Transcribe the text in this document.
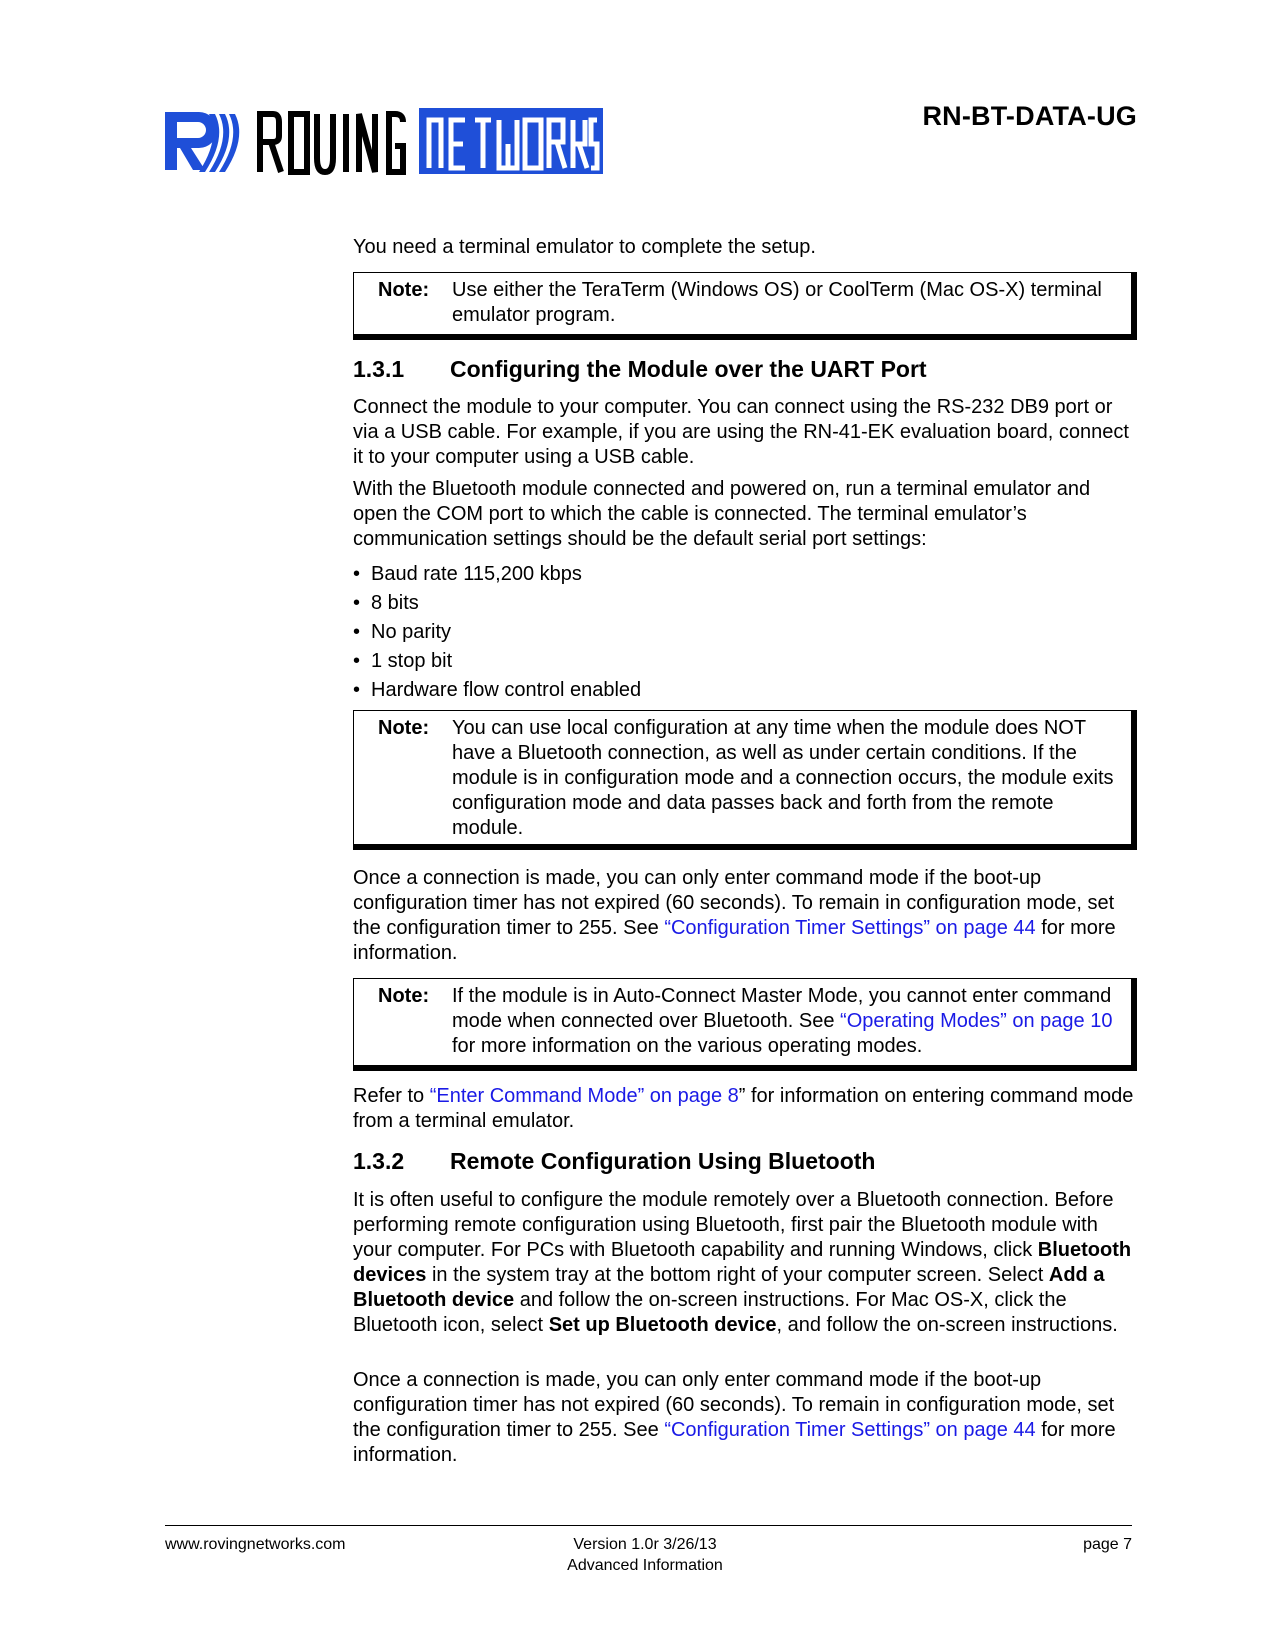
RN-BT-DATA-UG

You need a terminal emulator to complete the setup.

Note: Use either the TeraTerm (Windows OS) or CoolTerm (Mac OS-X) terminal emulator program.
1.3.1 Configuring the Module over the UART Port

Connect the module to your computer. You can connect using the RS-232 DB9 port or via a USB cable. For example, if you are using the RN-41-EK evaluation board, connect it to your computer using a USB cable.

With the Bluetooth module connected and powered on, run a terminal emulator and open the COM port to which the cable is connected. The terminal emulator’s communication settings should be the default serial port settings:

• Baud rate 115,200 kbps
• 8 bits
• No parity
• 1 stop bit
• Hardware flow control enabled
Note: You can use local configuration at any time when the module does NOT have a Bluetooth connection, as well as under certain conditions. If the module is in configuration mode and a connection occurs, the module exits configuration mode and data passes back and forth from the remote module.

Once a connection is made, you can only enter command mode if the boot-up configuration timer has not expired (60 seconds). To remain in configuration mode, set the configuration timer to 255. See “Configuration Timer Settings” on page 44 for more information.

Note: If the module is in Auto-Connect Master Mode, you cannot enter command mode when connected over Bluetooth. See “Operating Modes” on page 10 for more information on the various operating modes.

Refer to “Enter Command Mode” on page 8” for information on entering command mode from a terminal emulator.

1.3.2 Remote Configuration Using Bluetooth

It is often useful to configure the module remotely over a Bluetooth connection. Before performing remote configuration using Bluetooth, first pair the Bluetooth module with your computer. For PCs with Bluetooth capability and running Windows, click Bluetooth devices in the system tray at the bottom right of your computer screen. Select Add a Bluetooth device and follow the on-screen instructions. For Mac OS-X, click the Bluetooth icon, select Set up Bluetooth device, and follow the on-screen instructions.

Once a connection is made, you can only enter command mode if the boot-up configuration timer has not expired (60 seconds). To remain in configuration mode, set the configuration timer to 255. See “Configuration Timer Settings” on page 44 for more information.

www.rovingnetworks.com	Version 1.0r 3/26/13
Advanced Information
page 7
